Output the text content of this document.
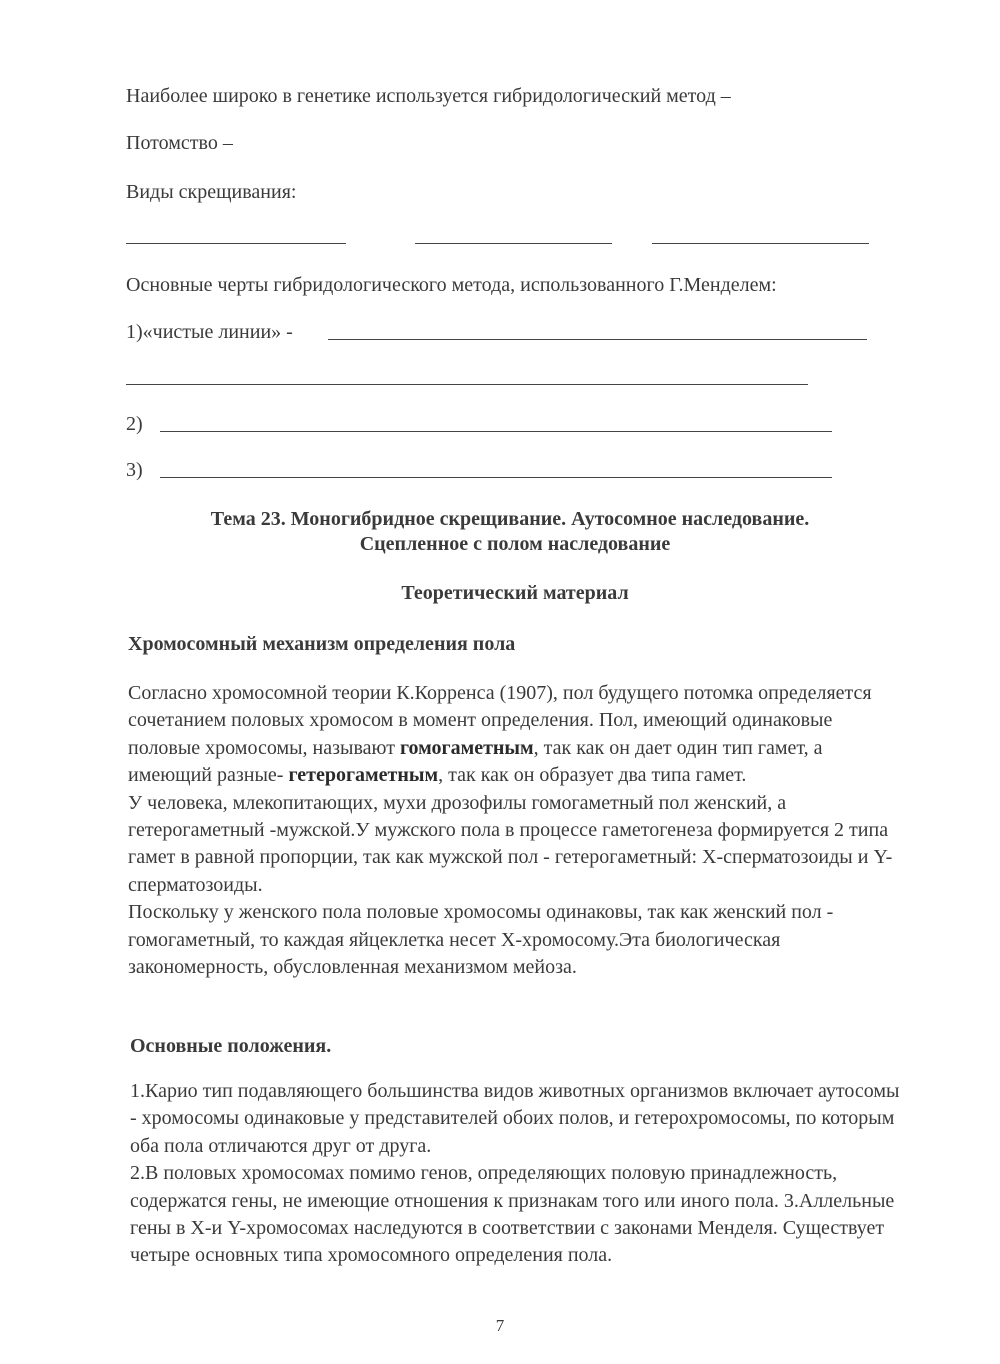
Наиболее широко в генетике используется гибридологический метод –
Потомство –
Виды скрещивания:
Основные черты гибридологического метода, использованного Г.Менделем:
1)«чистые линии» -
2)
3)
Тема 23. Моногибридное скрещивание. Аутосомное наследование.
Сцепленное с полом наследование
Теоретический материал
Хромосомный механизм определения пола

Согласно хромосомной теории К.Корренса (1907), пол будущего потомка определяется сочетанием половых хромосом в момент определения. Пол, имеющий одинаковые половые хромосомы, называют гомогаметным, так как он дает один тип гамет, а имеющий разные- гетерогаметным, так как он образует два типа гамет.

У человека, млекопитающих, мухи дрозофилы гомогаметный пол женский, а гетерогаметный -мужской.У мужского пола в процессе гаметогенеза формируется 2 типа гамет в равной пропорции, так как мужской пол - гетерогаметный: X-сперматозоиды и Y-сперматозоиды.

Поскольку у женского пола половые хромосомы одинаковы, так как женский пол - гомогаметный, то каждая яйцеклетка несет X-хромосому.Эта биологическая закономерность, обусловленная механизмом мейоза.

Основные положения.

1.Карио тип подавляющего большинства видов животных организмов включает аутосомы - хромосомы одинаковые у представителей обоих полов, и гетерохромосомы, по которым оба пола отличаются друг от друга.

2.В половых хромосомах помимо генов, определяющих половую принадлежность, содержатся гены, не имеющие отношения к признакам того или иного пола. 3.Аллельные гены в X-и Y-хромосомах наследуются в соответствии с законами Менделя. Существует четыре основных типа хромосомного определения пола.

7
